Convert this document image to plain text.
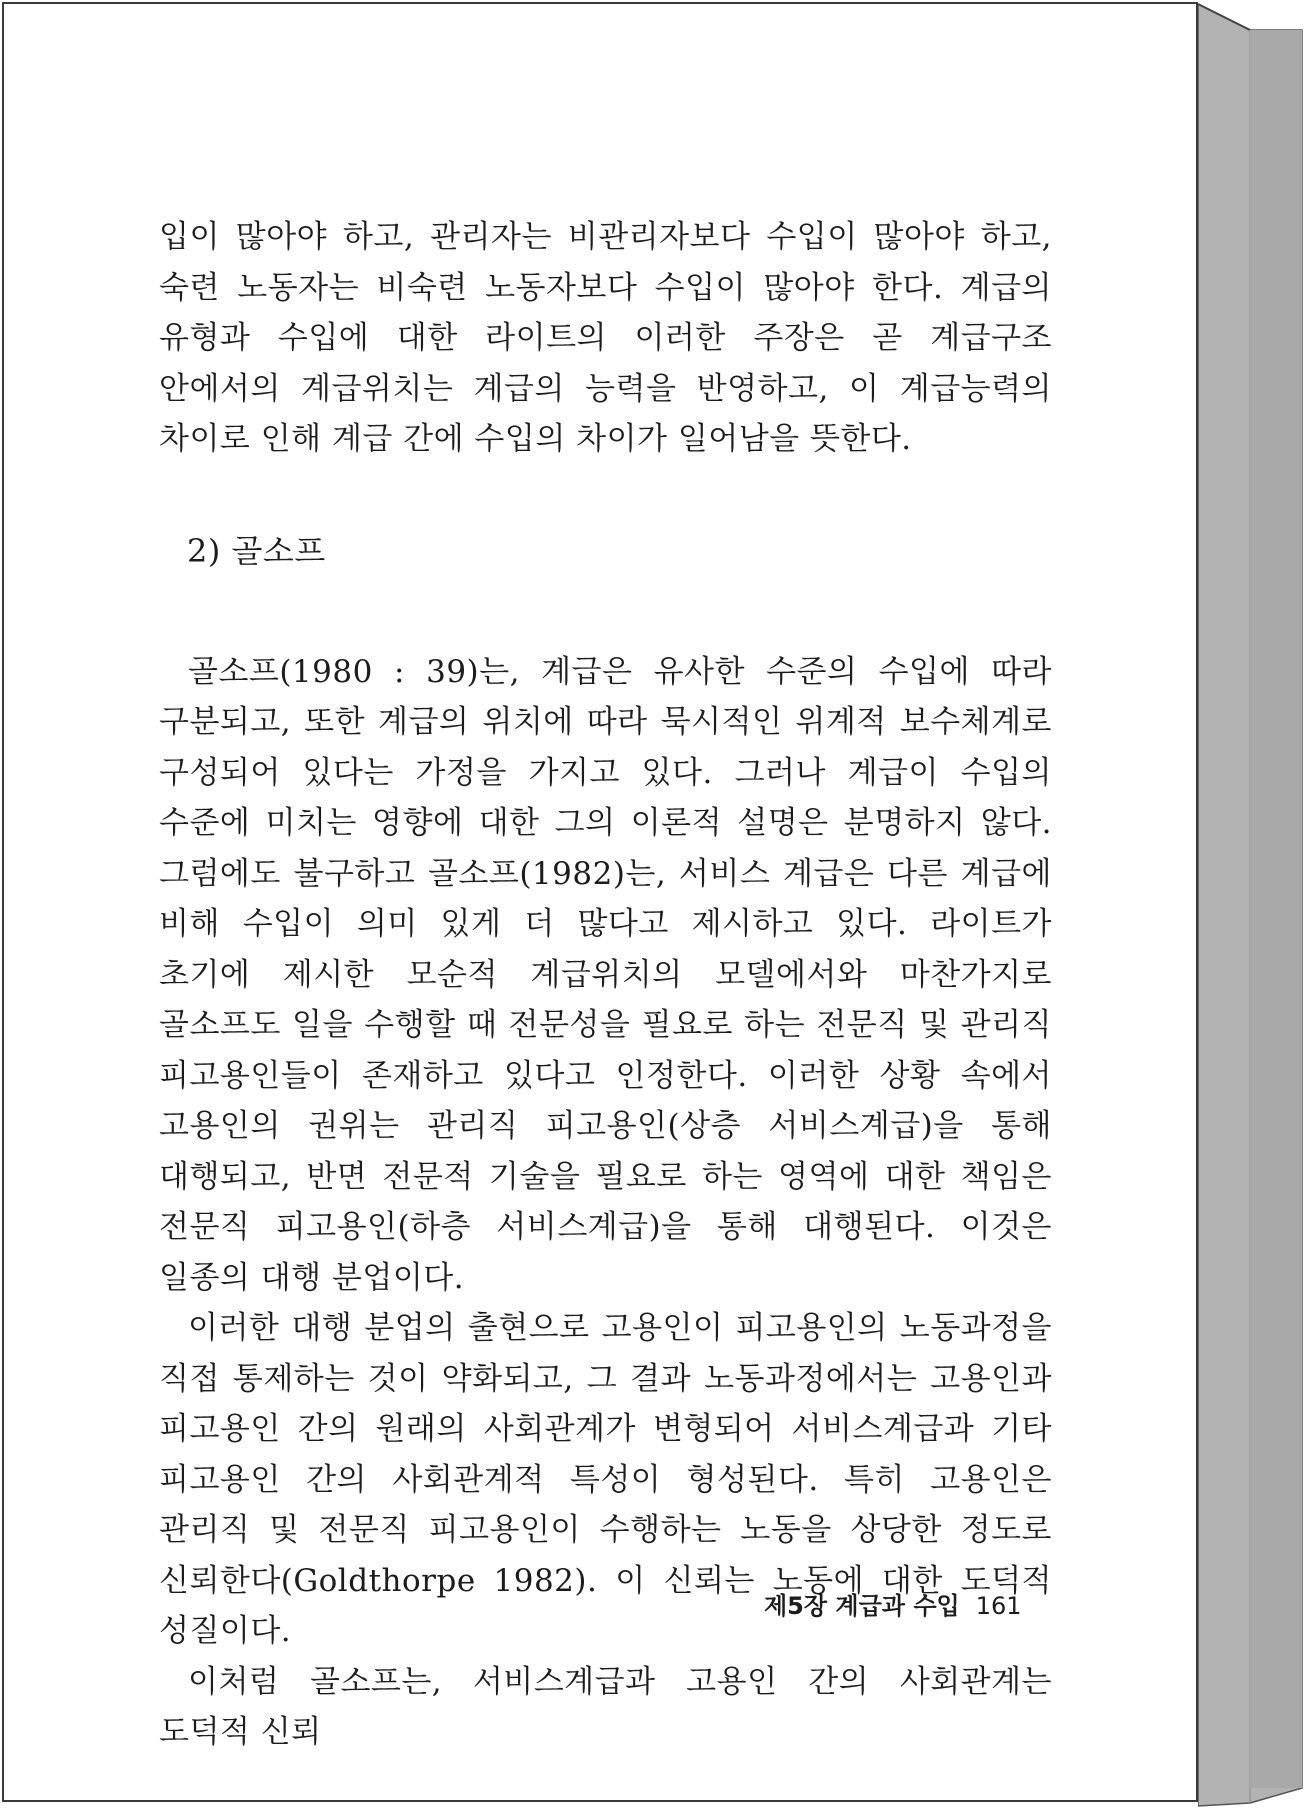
입이 많아야 하고, 관리자는 비관리자보다 수입이 많아야 하고, 숙련 노동자는 비숙련 노동자보다 수입이 많아야 한다. 계급의 유형과 수입에 대한 라이트의 이러한 주장은 곧 계급구조 안에서의 계급위치는 계급의 능력을 반영하고, 이 계급능력의 차이로 인해 계급 간에 수입의 차이가 일어남을 뜻한다.

2) 골소프

골소프(1980 : 39)는, 계급은 유사한 수준의 수입에 따라 구분되고, 또한 계급의 위치에 따라 묵시적인 위계적 보수체계로 구성되어 있다는 가정을 가지고 있다. 그러나 계급이 수입의 수준에 미치는 영향에 대한 그의 이론적 설명은 분명하지 않다. 그럼에도 불구하고 골소프(1982)는, 서비스 계급은 다른 계급에 비해 수입이 의미 있게 더 많다고 제시하고 있다. 라이트가 초기에 제시한 모순적 계급위치의 모델에서와 마찬가지로 골소프도 일을 수행할 때 전문성을 필요로 하는 전문직 및 관리직 피고용인들이 존재하고 있다고 인정한다. 이러한 상황 속에서 고용인의 권위는 관리직 피고용인(상층 서비스계급)을 통해 대행되고, 반면 전문적 기술을 필요로 하는 영역에 대한 책임은 전문직 피고용인(하층 서비스계급)을 통해 대행된다. 이것은 일종의 대행 분업이다.

이러한 대행 분업의 출현으로 고용인이 피고용인의 노동과정을 직접 통제하는 것이 약화되고, 그 결과 노동과정에서는 고용인과 피고용인 간의 원래의 사회관계가 변형되어 서비스계급과 기타 피고용인 간의 사회관계적 특성이 형성된다. 특히 고용인은 관리직 및 전문직 피고용인이 수행하는 노동을 상당한 정도로 신뢰한다(Goldthorpe 1982). 이 신뢰는 노동에 대한 도덕적 성질이다.

이처럼 골소프는, 서비스계급과 고용인 간의 사회관계는 도덕적 신뢰

제5장 계급과 수입 161
